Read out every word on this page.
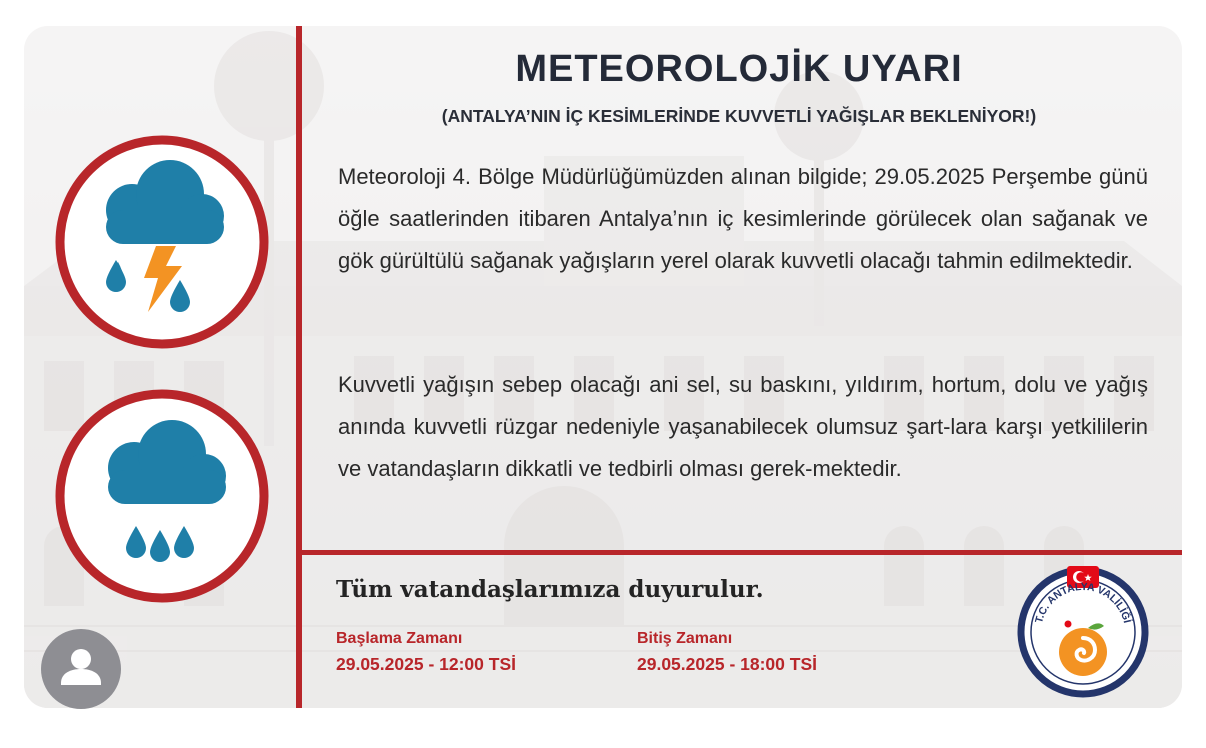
METEOROLOJİK UYARI
(ANTALYA’NIN İÇ KESİMLERİNDE KUVVETLİ YAĞIŞLAR BEKLENİYOR!)
Meteoroloji 4. Bölge Müdürlüğümüzden alınan bilgide; 29.05.2025 Perşembe günü öğle saatlerinden itibaren Antalya’nın iç kesimlerinde görülecek olan sağanak ve gök gürültülü sağanak yağışların yerel olarak kuvvetli olacağı tahmin edilmektedir.
Kuvvetli yağışın sebep olacağı ani sel, su baskını, yıldırım, hortum, dolu ve yağış anında kuvvetli rüzgar nedeniyle yaşanabilecek olumsuz şart-lara karşı yetkililerin ve vatandaşların dikkatli ve tedbirli olması gerek-mektedir.
Tüm vatandaşlarımıza duyurulur.
Başlama Zamanı
29.05.2025 - 12:00 TSİ
Bitiş Zamanı
29.05.2025 - 18:00 TSİ
T.C. ANTALYA VALİLİĞİ
